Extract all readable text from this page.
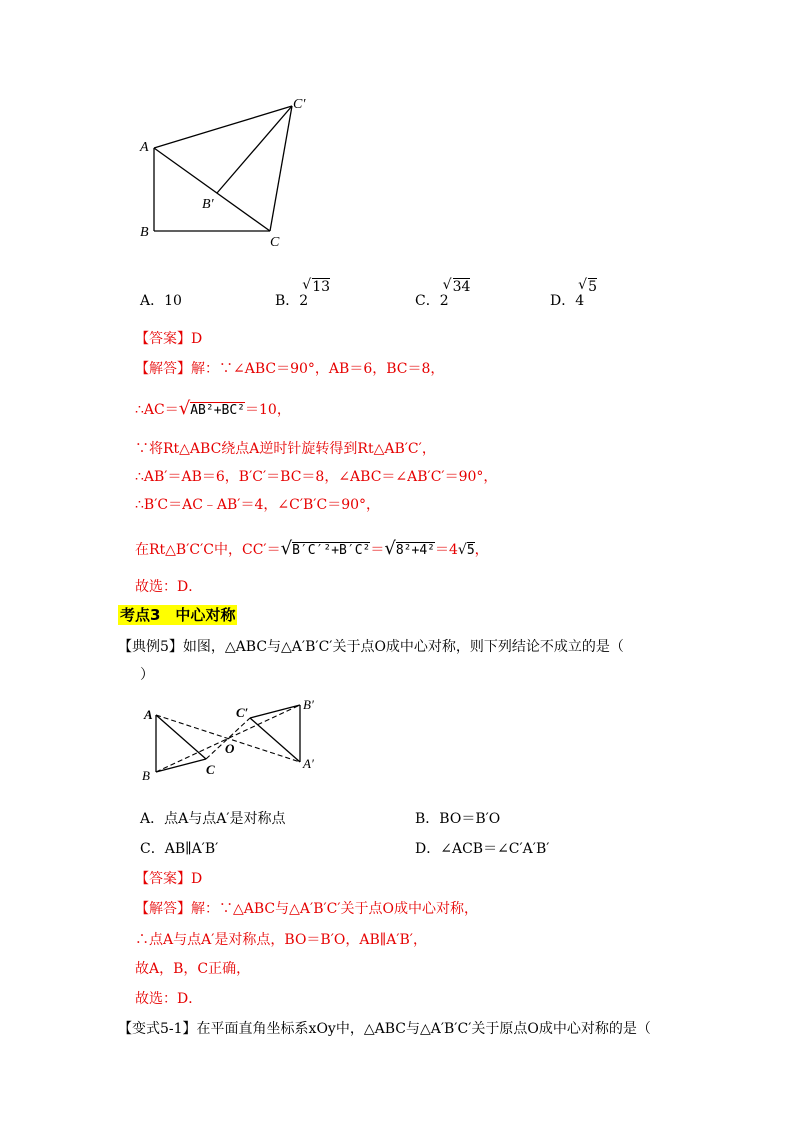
A
B
C
B′
C′
A．10	B．2
√ 13
C．2
√ 34
D．4
√ 5
【答案】D
【解答】解：∵∠ABC＝90°，AB＝6，BC＝8，
∴AC＝√AB²+BC²＝10，
∵将Rt△ABC绕点A逆时针旋转得到Rt△AB′C′，
∴AB′＝AB＝6，B′C′＝BC＝8，∠ABC＝∠AB′C′＝90°，
∴B′C＝AC﹣AB′＝4，∠C′B′C＝90°，
在Rt△B′C′C中，CC′＝√B′C′²+B′C²＝√8²+4²＝4√5，
故选：D．
考点3　中心对称
【典例5】如图，△ABC与△A′B′C′关于点O成中心对称，则下列结论不成立的是（
）
A
B	C
O
A′
B′
C′
A．点A与点A′是对称点	B．BO＝B′O
C．AB∥A′B′	D．∠ACB＝∠C′A′B′
【答案】D
【解答】解：∵△ABC与△A′B′C′关于点O成中心对称，
∴点A与点A′是对称点，BO＝B′O，AB∥A′B′，
故A，B，C正确，
故选：D．
【变式5-1】在平面直角坐标系xOy中，△ABC与△A′B′C′关于原点O成中心对称的是（
